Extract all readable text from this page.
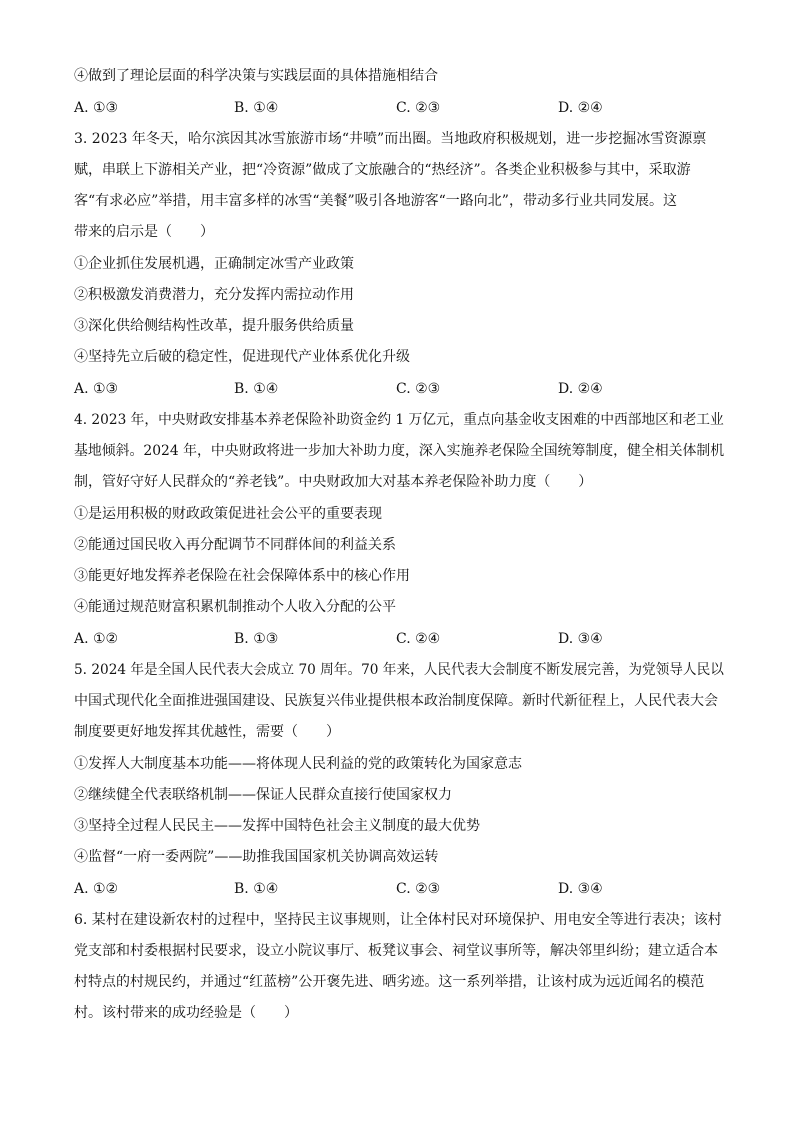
④做到了理论层面的科学决策与实践层面的具体措施相结合
A. ①③	B. ①④	C. ②③	D. ②④
3. 2023 年冬天，哈尔滨因其冰雪旅游市场“井喷”而出圈。当地政府积极规划，进一步挖掘冰雪资源禀
赋，串联上下游相关产业，把“冷资源”做成了文旅融合的“热经济”。各类企业积极参与其中，采取游
客“有求必应”举措，用丰富多样的冰雪“美餐”吸引各地游客“一路向北”，带动多行业共同发展。这
带来的启示是（　　）
①企业抓住发展机遇，正确制定冰雪产业政策
②积极激发消费潜力，充分发挥内需拉动作用
③深化供给侧结构性改革，提升服务供给质量
④坚持先立后破的稳定性，促进现代产业体系优化升级
A. ①③	B. ①④	C. ②③	D. ②④
4. 2023 年，中央财政安排基本养老保险补助资金约 1 万亿元，重点向基金收支困难的中西部地区和老工业
基地倾斜。2024 年，中央财政将进一步加大补助力度，深入实施养老保险全国统筹制度，健全相关体制机
制，管好守好人民群众的“养老钱”。中央财政加大对基本养老保险补助力度（　　）
①是运用积极的财政政策促进社会公平的重要表现
②能通过国民收入再分配调节不同群体间的利益关系
③能更好地发挥养老保险在社会保障体系中的核心作用
④能通过规范财富积累机制推动个人收入分配的公平
A. ①②	B. ①③	C. ②④	D. ③④
5. 2024 年是全国人民代表大会成立 70 周年。70 年来，人民代表大会制度不断发展完善，为党领导人民以
中国式现代化全面推进强国建设、民族复兴伟业提供根本政治制度保障。新时代新征程上，人民代表大会
制度要更好地发挥其优越性，需要（　　）
①发挥人大制度基本功能——将体现人民利益的党的政策转化为国家意志
②继续健全代表联络机制——保证人民群众直接行使国家权力
③坚持全过程人民民主——发挥中国特色社会主义制度的最大优势
④监督“一府一委两院”——助推我国国家机关协调高效运转
A. ①②	B. ①④	C. ②③	D. ③④
6. 某村在建设新农村的过程中，坚持民主议事规则，让全体村民对环境保护、用电安全等进行表决；该村
党支部和村委根据村民要求，设立小院议事厅、板凳议事会、祠堂议事所等，解决邻里纠纷；建立适合本
村特点的村规民约，并通过“红蓝榜”公开褒先进、晒劣迹。这一系列举措，让该村成为远近闻名的模范
村。该村带来的成功经验是（　　）
